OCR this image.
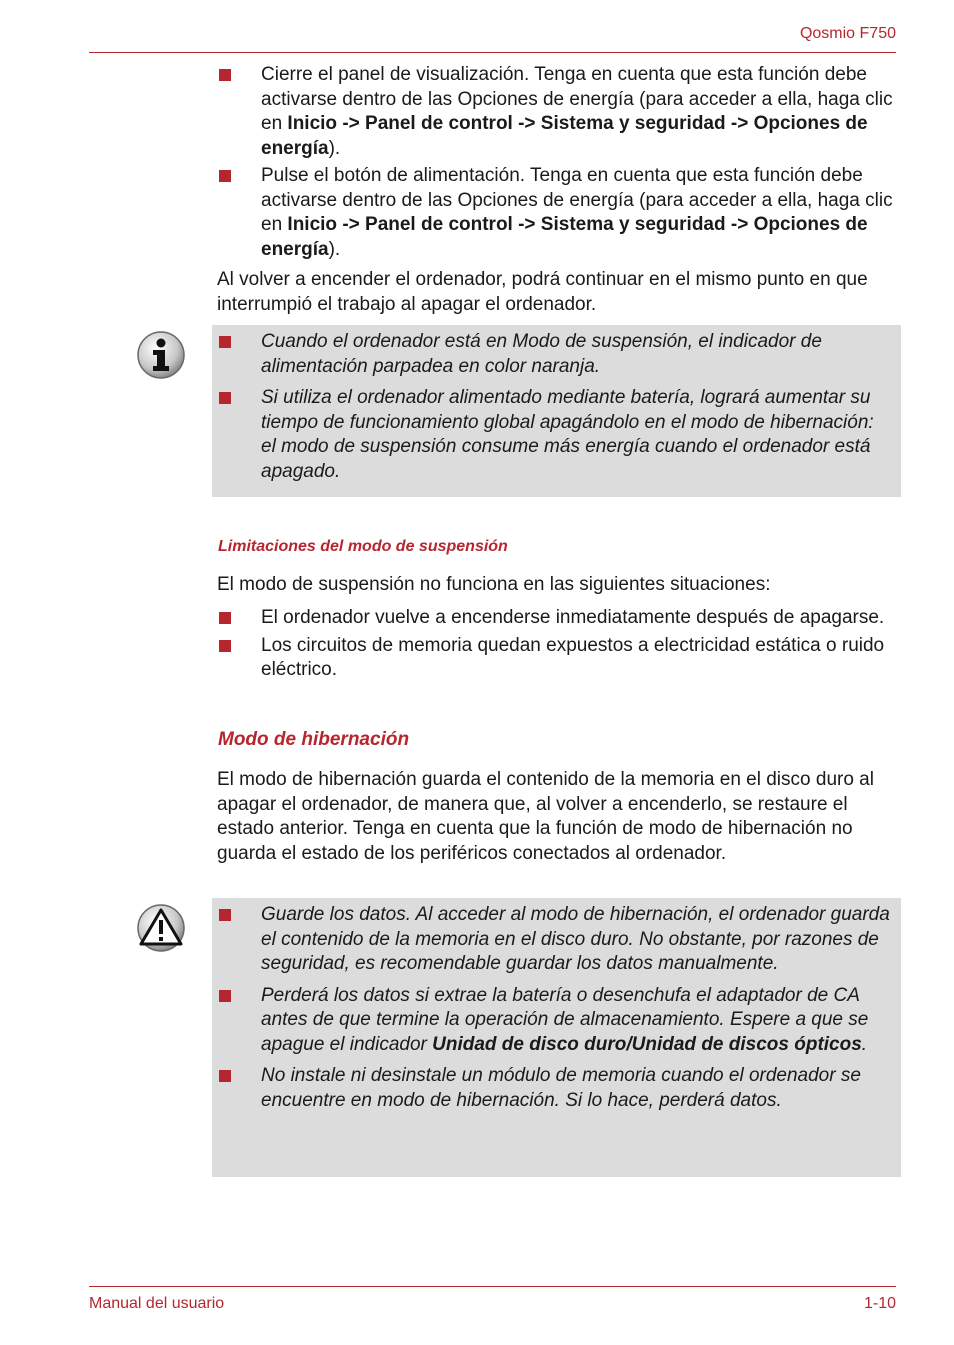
Qosmio F750
Cierre el panel de visualización. Tenga en cuenta que esta función debe activarse dentro de las Opciones de energía (para acceder a ella, haga clic en Inicio -> Panel de control -> Sistema y seguridad -> Opciones de energía).
Pulse el botón de alimentación. Tenga en cuenta que esta función debe activarse dentro de las Opciones de energía (para acceder a ella, haga clic en Inicio -> Panel de control -> Sistema y seguridad -> Opciones de energía).

Al volver a encender el ordenador, podrá continuar en el mismo punto en que interrumpió el trabajo al apagar el ordenador.

Cuando el ordenador está en Modo de suspensión, el indicador de alimentación parpadea en color naranja.
Si utiliza el ordenador alimentado mediante batería, logrará aumentar su tiempo de funcionamiento global apagándolo en el modo de hibernación: el modo de suspensión consume más energía cuando el ordenador está apagado.
Limitaciones del modo de suspensión

El modo de suspensión no funciona en las siguientes situaciones:

El ordenador vuelve a encenderse inmediatamente después de apagarse.
Los circuitos de memoria quedan expuestos a electricidad estática o ruido eléctrico.
Modo de hibernación

El modo de hibernación guarda el contenido de la memoria en el disco duro al apagar el ordenador, de manera que, al volver a encenderlo, se restaure el estado anterior. Tenga en cuenta que la función de modo de hibernación no guarda el estado de los periféricos conectados al ordenador.

Guarde los datos. Al acceder al modo de hibernación, el ordenador guarda el contenido de la memoria en el disco duro. No obstante, por razones de seguridad, es recomendable guardar los datos manualmente.
Perderá los datos si extrae la batería o desenchufa el adaptador de CA antes de que termine la operación de almacenamiento. Espere a que se apague el indicador Unidad de disco duro/Unidad de discos ópticos.
No instale ni desinstale un módulo de memoria cuando el ordenador se encuentre en modo de hibernación. Si lo hace, perderá datos.
Manual del usuario	1-10
